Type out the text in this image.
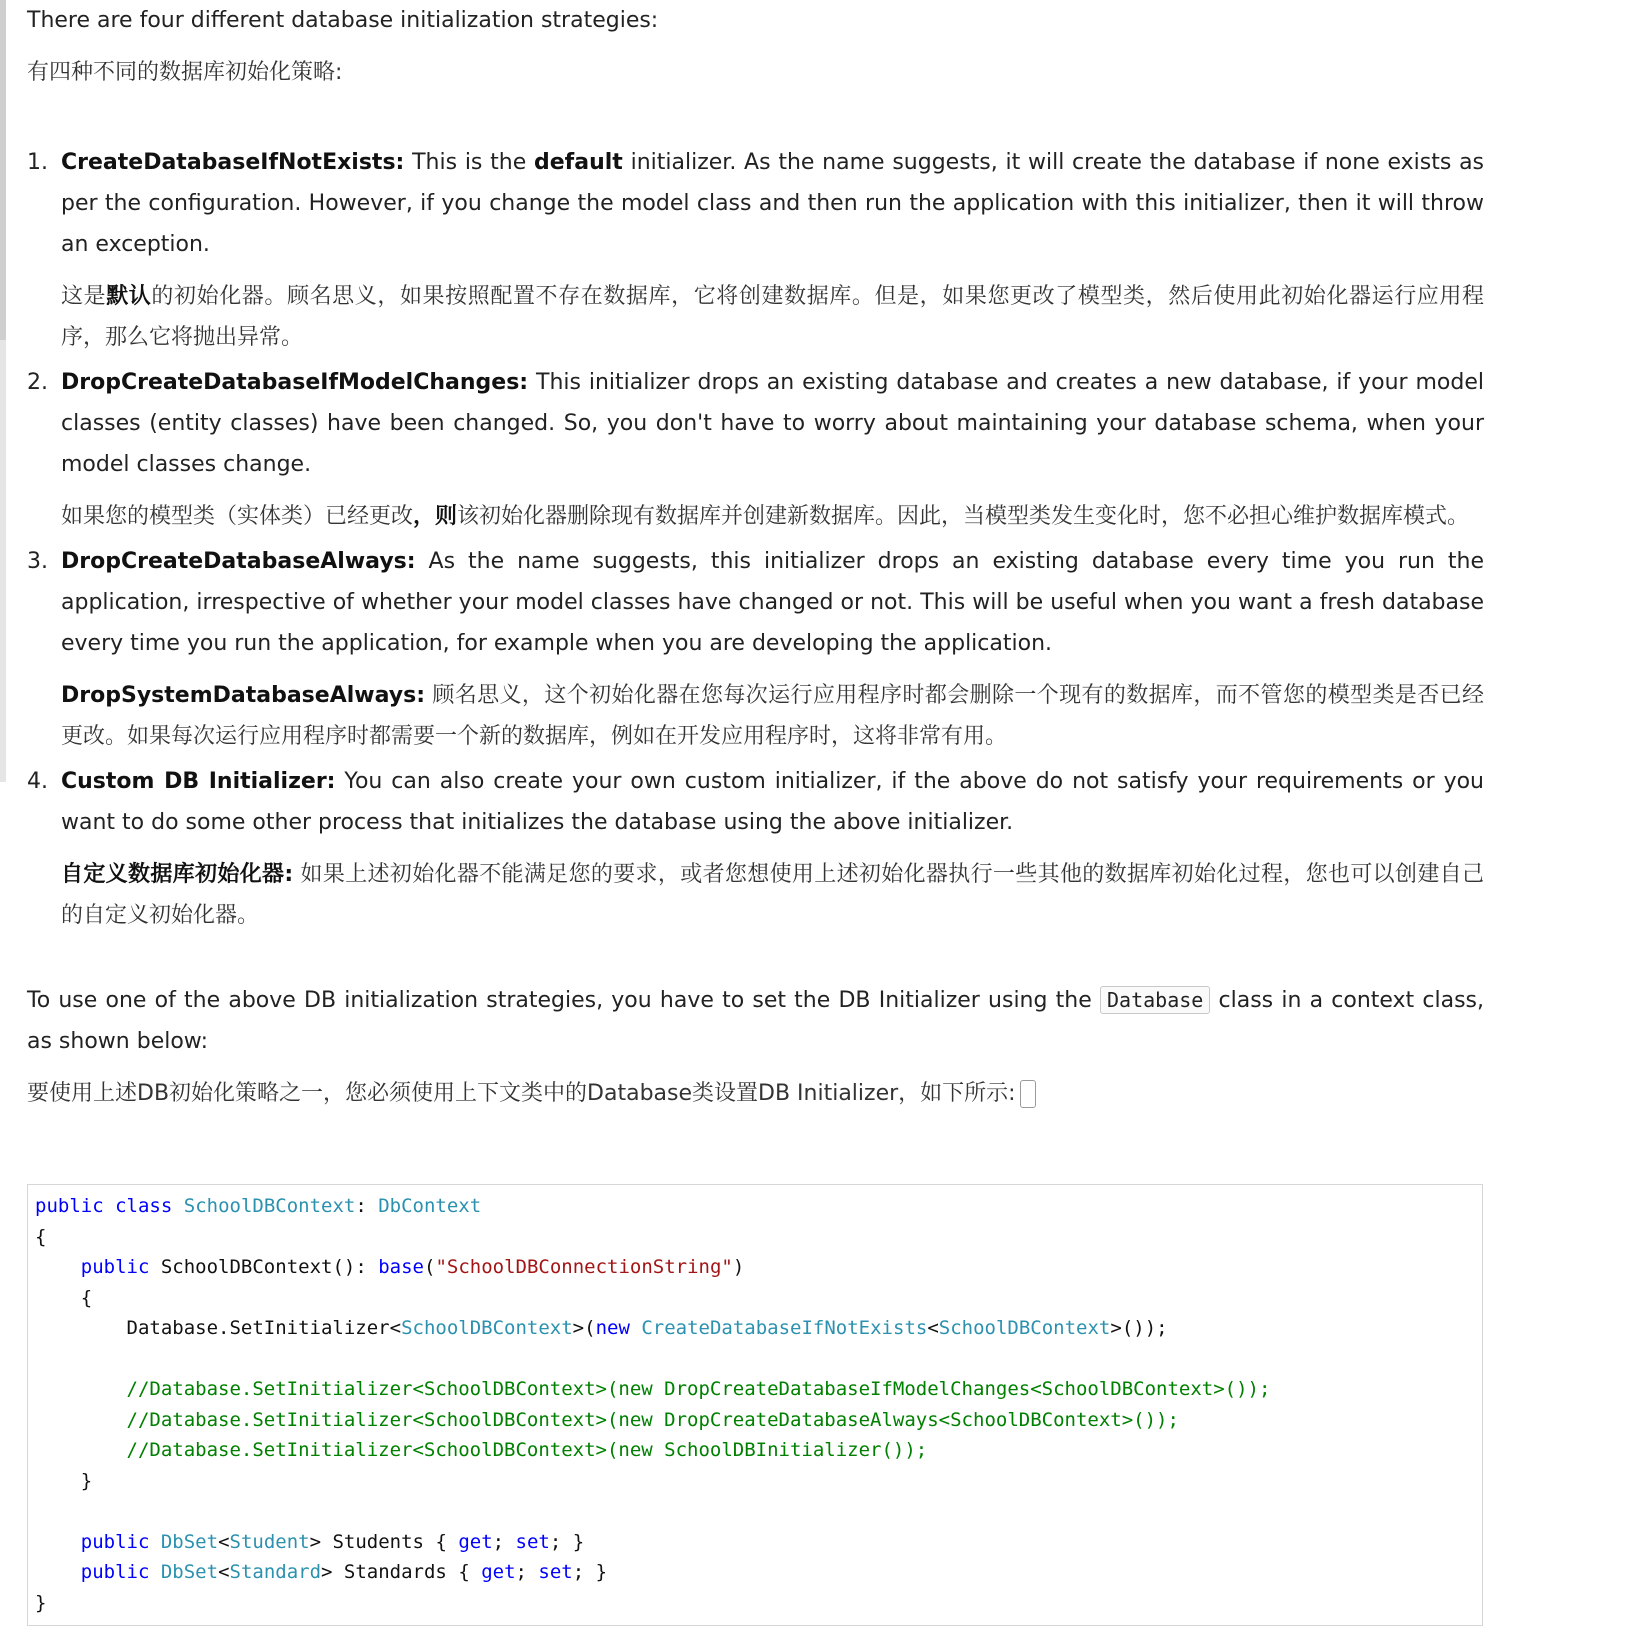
There are four different database initialization strategies:

有四种不同的数据库初始化策略:

1. CreateDatabaseIfNotExists: This is the default initializer. As the name suggests, it will create the database if none exists as per the configuration. However, if you change the model class and then run the application with this initializer, then it will throw an exception.

这是默认的初始化器。顾名思义，如果按照配置不存在数据库，它将创建数据库。但是，如果您更改了模型类，然后使用此初始化器运行应用程序，那么它将抛出异常。

2. DropCreateDatabaseIfModelChanges: This initializer drops an existing database and creates a new database, if your model classes (entity classes) have been changed. So, you don't have to worry about maintaining your database schema, when your model classes change.

如果您的模型类（实体类）已经更改，则该初始化器删除现有数据库并创建新数据库。因此，当模型类发生变化时，您不必担心维护数据库模式。

3. DropCreateDatabaseAlways: As the name suggests, this initializer drops an existing database every time you run the application, irrespective of whether your model classes have changed or not. This will be useful when you want a fresh database every time you run the application, for example when you are developing the application.

DropSystemDatabaseAlways: 顾名思义，这个初始化器在您每次运行应用程序时都会删除一个现有的数据库，而不管您的模型类是否已经更改。如果每次运行应用程序时都需要一个新的数据库，例如在开发应用程序时，这将非常有用。

4. Custom DB Initializer: You can also create your own custom initializer, if the above do not satisfy your requirements or you want to do some other process that initializes the database using the above initializer.

自定义数据库初始化器: 如果上述初始化器不能满足您的要求，或者您想使用上述初始化器执行一些其他的数据库初始化过程，您也可以创建自己的自定义初始化器。

To use one of the above DB initialization strategies, you have to set the DB Initializer using the Database class in a context class, as shown below:

要使用上述DB初始化策略之一，您必须使用上下文类中的Database类设置DB Initializer，如下所示:

public class SchoolDBContext: DbContext
{
public SchoolDBContext(): base("SchoolDBConnectionString")
{
Database.SetInitializer<SchoolDBContext>(new CreateDatabaseIfNotExists<SchoolDBContext>());

//Database.SetInitializer<SchoolDBContext>(new DropCreateDatabaseIfModelChanges<SchoolDBContext>());
//Database.SetInitializer<SchoolDBContext>(new DropCreateDatabaseAlways<SchoolDBContext>());
//Database.SetInitializer<SchoolDBContext>(new SchoolDBInitializer());
}

public DbSet<Student> Students { get; set; }
public DbSet<Standard> Standards { get; set; }
}
